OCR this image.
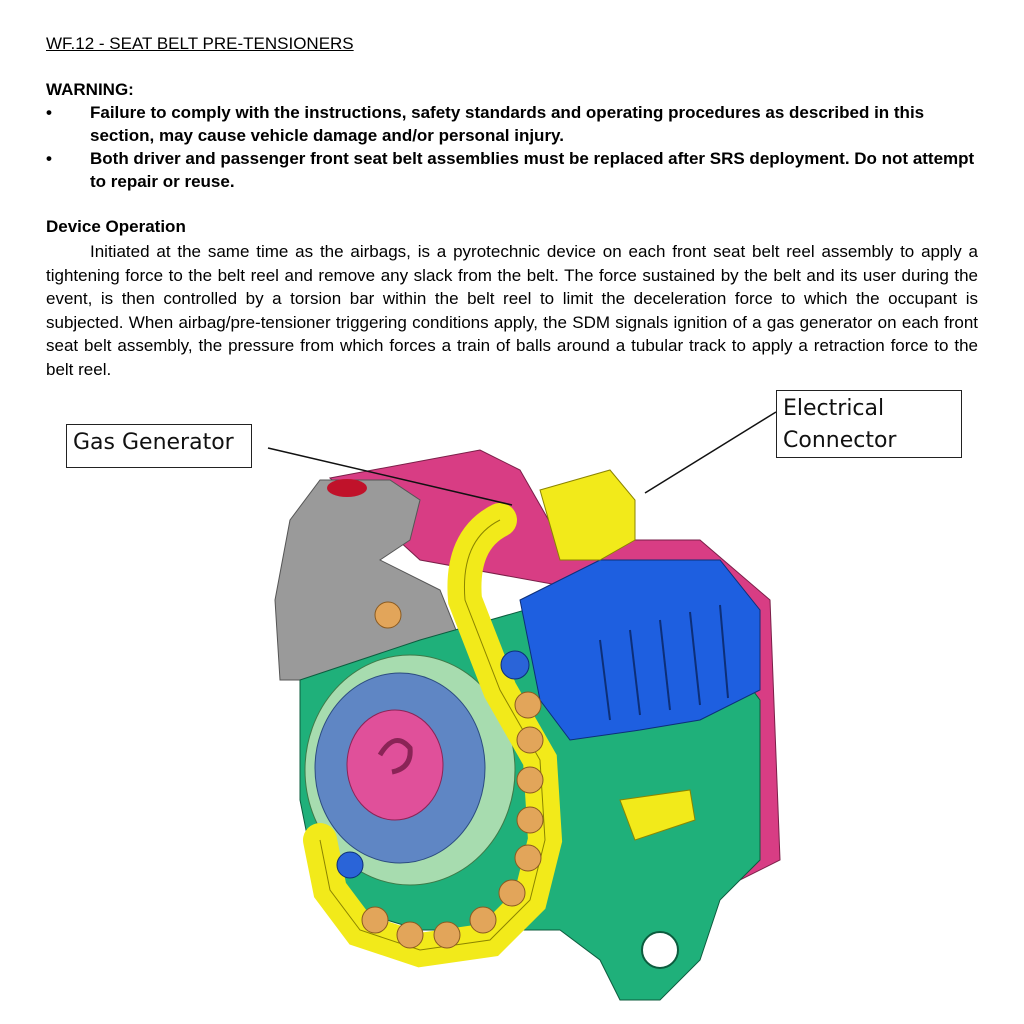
WF.12 - SEAT BELT PRE-TENSIONERS
WARNING:
• Failure to comply with the instructions, safety standards and operating procedures as described in this section, may cause vehicle damage and/or personal injury.
• Both driver and passenger front seat belt assemblies must be replaced after SRS deployment. Do not attempt to repair or reuse.
Device Operation
Initiated at the same time as the airbags, is a pyrotechnic device on each front seat belt reel assembly to apply a tightening force to the belt reel and remove any slack from the belt. The force sustained by the belt and its user during the event, is then controlled by a torsion bar within the belt reel to limit the deceleration force to which the occupant is subjected. When airbag/pre-tensioner triggering conditions apply, the SDM signals ignition of a gas generator on each front seat belt assembly, the pressure from which forces a train of balls around a tubular track to apply a retraction force to the belt reel.
Gas Generator
Electrical
Connector
